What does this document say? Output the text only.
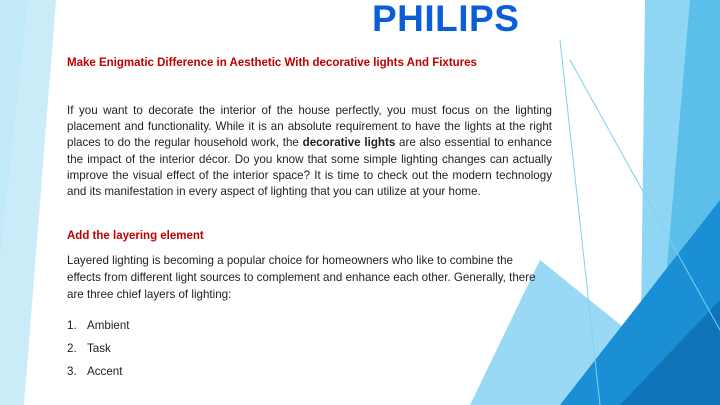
PHILIPS
Make Enigmatic Difference in Aesthetic With decorative lights And Fixtures

If you want to decorate the interior of the house perfectly, you must focus on the lighting placement and functionality. While it is an absolute requirement to have the lights at the right places to do the regular household work, the decorative lights are also essential to enhance the impact of the interior décor. Do you know that some simple lighting changes can actually improve the visual effect of the interior space? It is time to check out the modern technology and its manifestation in every aspect of lighting that you can utilize at your home.

Add the layering element

Layered lighting is becoming a popular choice for homeowners who like to combine the effects from different light sources to complement and enhance each other. Generally, there are three chief layers of lighting:

1. Ambient
2. Task
3. Accent
